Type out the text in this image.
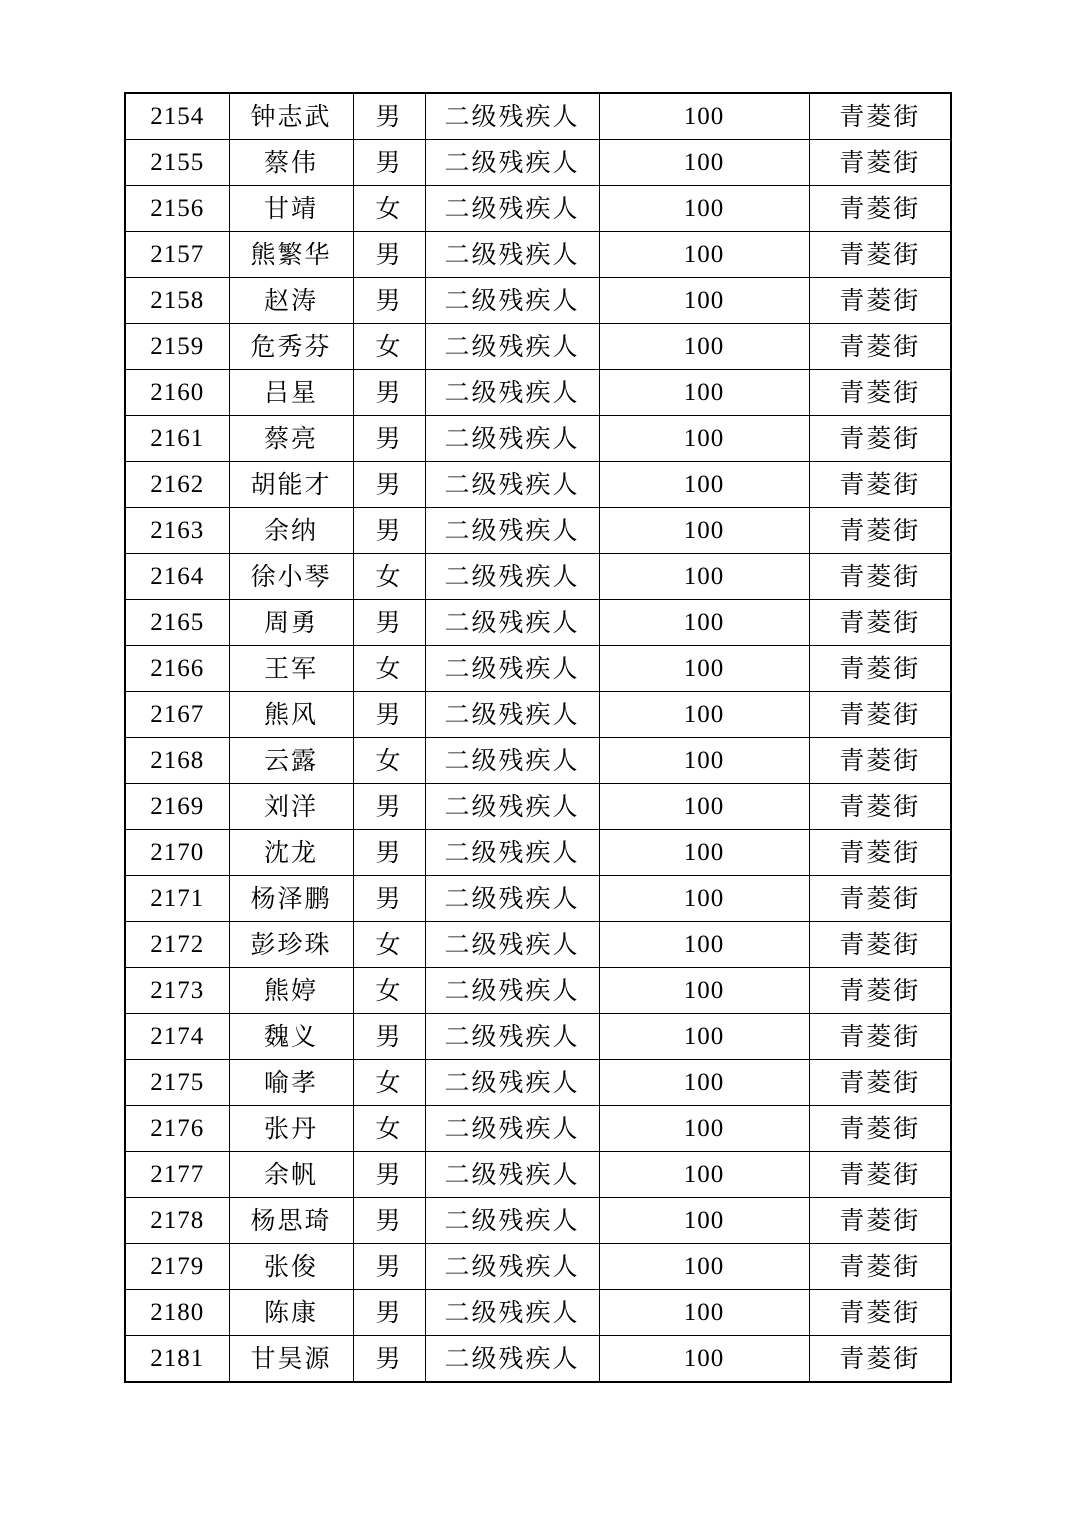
2154	钟志武	男	二级残疾人	100	青菱街
2155	蔡伟	男	二级残疾人	100	青菱街
2156	甘靖	女	二级残疾人	100	青菱街
2157	熊繁华	男	二级残疾人	100	青菱街
2158	赵涛	男	二级残疾人	100	青菱街
2159	危秀芬	女	二级残疾人	100	青菱街
2160	吕星	男	二级残疾人	100	青菱街
2161	蔡亮	男	二级残疾人	100	青菱街
2162	胡能才	男	二级残疾人	100	青菱街
2163	余纳	男	二级残疾人	100	青菱街
2164	徐小琴	女	二级残疾人	100	青菱街
2165	周勇	男	二级残疾人	100	青菱街
2166	王军	女	二级残疾人	100	青菱街
2167	熊风	男	二级残疾人	100	青菱街
2168	云露	女	二级残疾人	100	青菱街
2169	刘洋	男	二级残疾人	100	青菱街
2170	沈龙	男	二级残疾人	100	青菱街
2171	杨泽鹏	男	二级残疾人	100	青菱街
2172	彭珍珠	女	二级残疾人	100	青菱街
2173	熊婷	女	二级残疾人	100	青菱街
2174	魏义	男	二级残疾人	100	青菱街
2175	喻孝	女	二级残疾人	100	青菱街
2176	张丹	女	二级残疾人	100	青菱街
2177	余帆	男	二级残疾人	100	青菱街
2178	杨思琦	男	二级残疾人	100	青菱街
2179	张俊	男	二级残疾人	100	青菱街
2180	陈康	男	二级残疾人	100	青菱街
2181	甘昊源	男	二级残疾人	100	青菱街
